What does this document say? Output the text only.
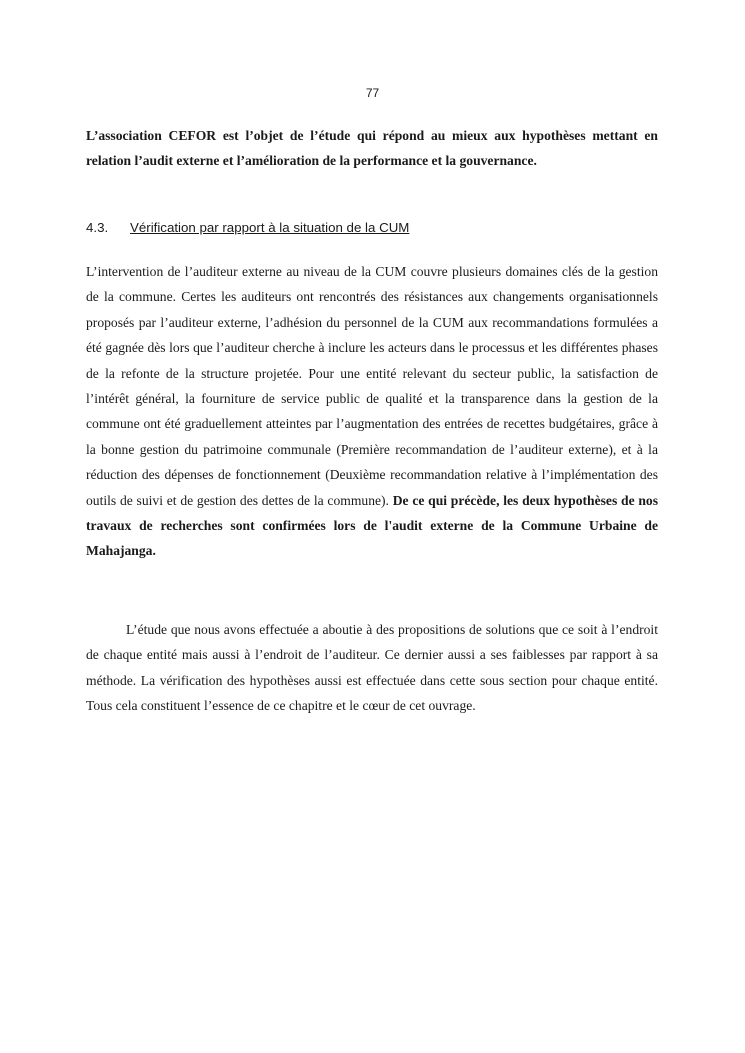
77

L’association CEFOR est l’objet de l’étude qui répond au mieux aux hypothèses mettant en relation l’audit externe et l’amélioration de la performance et la gouvernance.

4.3. Vérification par rapport à la situation de la CUM

L’intervention de l’auditeur externe au niveau de la CUM couvre plusieurs domaines clés de la gestion de la commune. Certes les auditeurs ont rencontrés des résistances aux changements organisationnels proposés par l’auditeur externe, l’adhésion du personnel de la CUM aux recommandations formulées a été gagnée dès lors que l’auditeur cherche à inclure les acteurs dans le processus et les différentes phases de la refonte de la structure projetée. Pour une entité relevant du secteur public, la satisfaction de l’intérêt général, la fourniture de service public de qualité et la transparence dans la gestion de la commune ont été graduellement atteintes par l’augmentation des entrées de recettes budgétaires, grâce à la bonne gestion du patrimoine communale (Première recommandation de l’auditeur externe), et à la réduction des dépenses de fonctionnement (Deuxième recommandation relative à l’implémentation des outils de suivi et de gestion des dettes de la commune). De ce qui précède, les deux hypothèses de nos travaux de recherches sont confirmées lors de l'audit externe de la Commune Urbaine de Mahajanga.

L’étude que nous avons effectuée a aboutie à des propositions de solutions que ce soit à l’endroit de chaque entité mais aussi à l’endroit de l’auditeur. Ce dernier aussi a ses faiblesses par rapport à sa méthode. La vérification des hypothèses aussi est effectuée dans cette sous section pour chaque entité. Tous cela constituent l’essence de ce chapitre et le cœur de cet ouvrage.
